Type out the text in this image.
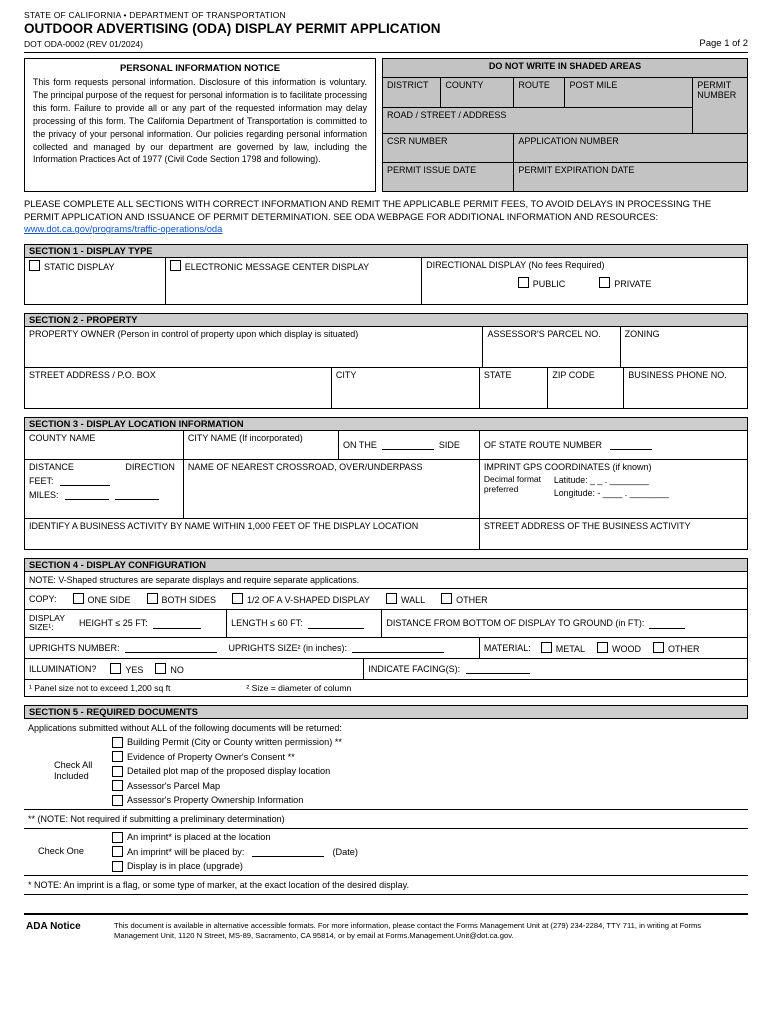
STATE OF CALIFORNIA • DEPARTMENT OF TRANSPORTATION
OUTDOOR ADVERTISING (ODA) DISPLAY PERMIT APPLICATION
DOT ODA-0002 (REV 01/2024)	Page 1 of 2
PERSONAL INFORMATION NOTICE
This form requests personal information. Disclosure of this information is voluntary. The principal purpose of the request for personal information is to facilitate processing this form. Failure to provide all or any part of the requested information may delay processing of this form. The California Department of Transportation is committed to the privacy of your personal information. Our policies regarding personal information collected and managed by our department are governed by law, including the Information Practices Act of 1977 (Civil Code Section 1798 and following).
DO NOT WRITE IN SHADED AREAS				
DISTRICT	COUNTY	ROUTE	POST MILE	PERMIT NUMBER
ROAD / STREET / ADDRESS				
CSR NUMBER		APPLICATION NUMBER		
PERMIT ISSUE DATE		PERMIT EXPIRATION DATE		

PLEASE COMPLETE ALL SECTIONS WITH CORRECT INFORMATION AND REMIT THE APPLICABLE PERMIT FEES, TO AVOID DELAYS IN PROCESSING THE PERMIT APPLICATION AND ISSUANCE OF PERMIT DETERMINATION. SEE ODA WEBPAGE FOR ADDITIONAL INFORMATION AND RESOURCES: www.dot.ca.gov/programs/traffic-operations/oda

SECTION 1 - DISPLAY TYPE
STATIC DISPLAY	ELECTRONIC MESSAGE CENTER DISPLAY	DIRECTIONAL DISPLAY (No fees Required)
PUBLIC	PRIVATE
SECTION 2 - PROPERTY
PROPERTY OWNER (Person in control of property upon which display is situated)	ASSESSOR'S PARCEL NO.	ZONING
STREET ADDRESS / P.O. BOX	CITY	STATE	ZIP CODE	BUSINESS PHONE NO.
SECTION 3 - DISPLAY LOCATION INFORMATION
COUNTY NAME	CITY NAME (If incorporated)
ON THE	SIDE	OF STATE ROUTE NUMBER
DISTANCE	DIRECTION
FEET:
MILES:
NAME OF NEAREST CROSSROAD, OVER/UNDERPASS	IMPRINT GPS COORDINATES (if known)
Decimal format preferred
Latitude: _ _ . ________
Longitude: - ____ . ________
IDENTIFY A BUSINESS ACTIVITY BY NAME WITHIN 1,000 FEET OF THE DISPLAY LOCATION	STREET ADDRESS OF THE BUSINESS ACTIVITY
SECTION 4 - DISPLAY CONFIGURATION
NOTE: V-Shaped structures are separate displays and require separate applications.
COPY:	ONE SIDE	BOTH SIDES	1/2 OF A V-SHAPED DISPLAY	WALL	OTHER
DISPLAY SIZE¹:	HEIGHT ≤ 25 FT:	LENGTH ≤ 60 FT:	DISTANCE FROM BOTTOM OF DISPLAY TO GROUND (in FT):
UPRIGHTS NUMBER:	UPRIGHTS SIZE² (in inches):	MATERIAL:	METAL	WOOD	OTHER
ILLUMINATION?	YES	NO	INDICATE FACING(S):
¹ Panel size not to exceed 1,200 sq ft	² Size = diameter of column
SECTION 5 - REQUIRED DOCUMENTS
Applications submitted without ALL of the following documents will be returned:
Check All Included
Building Permit (City or County written permission) **
Evidence of Property Owner's Consent **
Detailed plot map of the proposed display location
Assessor's Parcel Map
Assessor's Property Ownership Information
** (NOTE: Not required if submitting a preliminary determination)
Check One
An imprint* is placed at the location
An imprint* will be placed by:	(Date)
Display is in place (upgrade)
* NOTE: An imprint is a flag, or some type of marker, at the exact location of the desired display.
ADA Notice	This document is available in alternative accessible formats. For more information, please contact the Forms Management Unit at (279) 234-2284, TTY 711, in writing at Forms Management Unit, 1120 N Street, MS-89, Sacramento, CA 95814, or by email at Forms.Management.Unit@dot.ca.gov.
